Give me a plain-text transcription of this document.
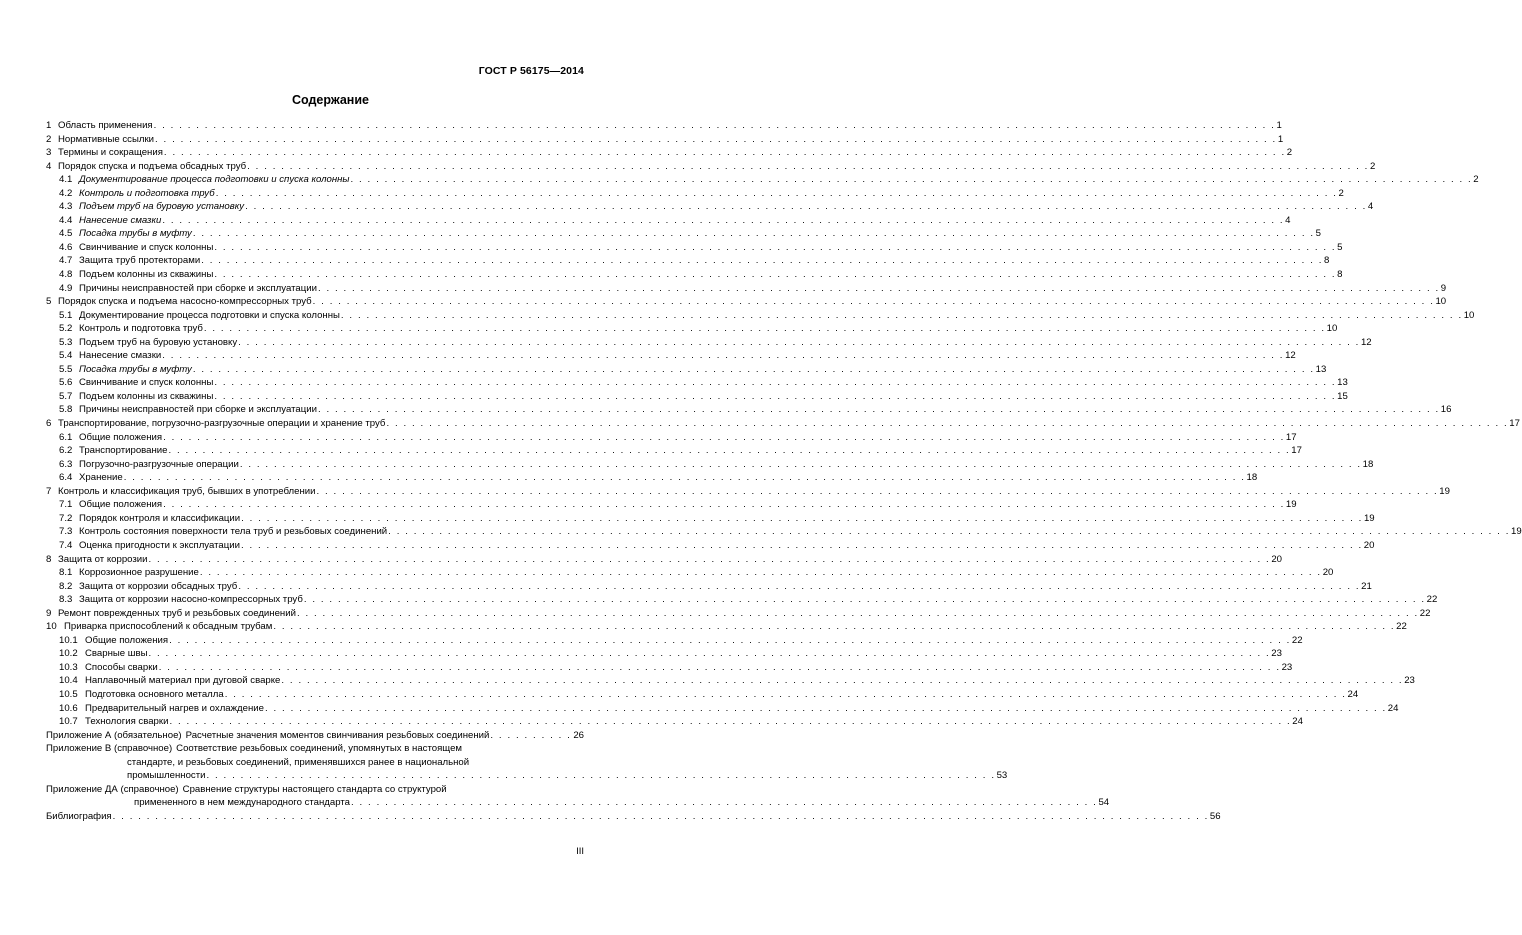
ГОСТ Р 56175—2014
Содержание
1 Область применения . . .	1
2 Нормативные ссылки . . .	1
3 Термины и сокращения . . .	2
4 Порядок спуска и подъема обсадных труб . . .	2
4.1 Документирование процесса подготовки и спуска колонны . . .	2
4.2 Контроль и подготовка труб . . .	2
4.3 Подъем труб на буровую установку . . .	4
4.4 Нанесение смазки . . .	4
4.5 Посадка трубы в муфту . . .	5
4.6 Свинчивание и спуск колонны . . .	5
4.7 Защита труб протекторами . . .	8
4.8 Подъем колонны из скважины . . .	8
4.9 Причины неисправностей при сборке и эксплуатации . . .	9
5 Порядок спуска и подъема насосно-компрессорных труб . . .	10
5.1 Документирование процесса подготовки и спуска колонны . . .	10
5.2 Контроль и подготовка труб . . .	10
5.3 Подъем труб на буровую установку . . .	12
5.4 Нанесение смазки . . .	12
5.5 Посадка трубы в муфту . . .	13
5.6 Свинчивание и спуск колонны . . .	13
5.7 Подъем колонны из скважины . . .	15
5.8 Причины неисправностей при сборке и эксплуатации . . .	16
6 Транспортирование, погрузочно-разгрузочные операции и хранение труб . . .	17
6.1 Общие положения . . .	17
6.2 Транспортирование . . .	17
6.3 Погрузочно-разгрузочные операции . . .	18
6.4 Хранение . . .	18
7 Контроль и классификация труб, бывших в употреблении . . .	19
7.1 Общие положения . . .	19
7.2 Порядок контроля и классификации . . .	19
7.3 Контроль состояния поверхности тела труб и резьбовых соединений . . .	19
7.4 Оценка пригодности к эксплуатации . . .	20
8 Защита от коррозии . . .	20
8.1 Коррозионное разрушение . . .	20
8.2 Защита от коррозии обсадных труб . . .	21
8.3 Защита от коррозии насосно-компрессорных труб . . .	22
9 Ремонт поврежденных труб и резьбовых соединений . . .	22
10 Приварка приспособлений к обсадным трубам . . .	22
10.1 Общие положения . . .	22
10.2 Сварные швы . . .	23
10.3 Способы сварки . . .	23
10.4 Наплавочный материал при дуговой сварке . . .	23
10.5 Подготовка основного металла . . .	24
10.6 Предварительный нагрев и охлаждение . . .	24
10.7 Технология сварки . . .	24
Приложение А (обязательное) Расчетные значения моментов свинчивания резьбовых соединений . . . . . . . . . . 26
Приложение В (справочное) Соответствие резьбовых соединений, упомянутых в настоящем
стандарте, и резьбовых соединений, применявшихся ранее в национальной
промышленности . . . . . . . . . . . . . . . . . . . . . . . . . . . . . . . . . . . . . . . . . . . . . . . . . . . . . . . . . . . . . . . . . . . . . . . . . . . . . . . . . . . . . . . . . . . . . 53
Приложение ДА (справочное) Сравнение структуры настоящего стандарта со структурой
примененного в нем международного стандарта . . . . . . . . . . . . . . . . . . . . . . . . . . . . . . . . . . . . . . . . . . . . . . . . . . . . . . . . . . . . . . . . . . . . . . . . . . . . . . . . . . . . . . . . 54
Библиография . . . . . . . . . . . . . . . . . . . . . . . . . . . . . . . . . . . . . . . . . . . . . . . . . . . . . . . . . . . . . . . . . . . . . . . . . . . . . . . . . . . . . . . . . . . . . . . . . . . . . . . . . . . . . . . . . . . . . . . . . . . . . . . . . 56
III
